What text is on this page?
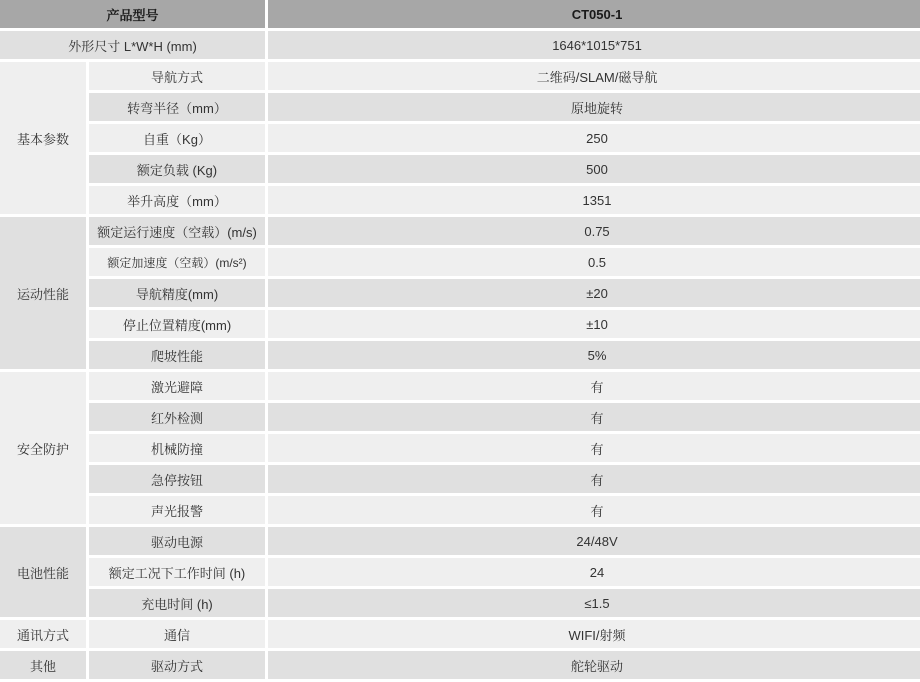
产品型号		CT050-1
外形尺寸 L*W*H (mm)		1646*1015*751
基本参数	导航方式	二维码/SLAM/磁导航
	转弯半径（mm）	原地旋转
	自重（Kg）	250
	额定负载 (Kg)	500
	举升高度（mm）	1351
运动性能	额定运行速度（空载）(m/s)	0.75
	额定加速度（空载）(m/s²)	0.5
	导航精度(mm)	±20
	停止位置精度(mm)	±10
	爬坡性能	5%
安全防护	激光避障	有
	红外检测	有
	机械防撞	有
	急停按钮	有
	声光报警	有
电池性能	驱动电源	24/48V
	额定工况下工作时间 (h)	24
	充电时间 (h)	≤1.5
通讯方式	通信	WIFI/射频
其他	驱动方式	舵轮驱动
